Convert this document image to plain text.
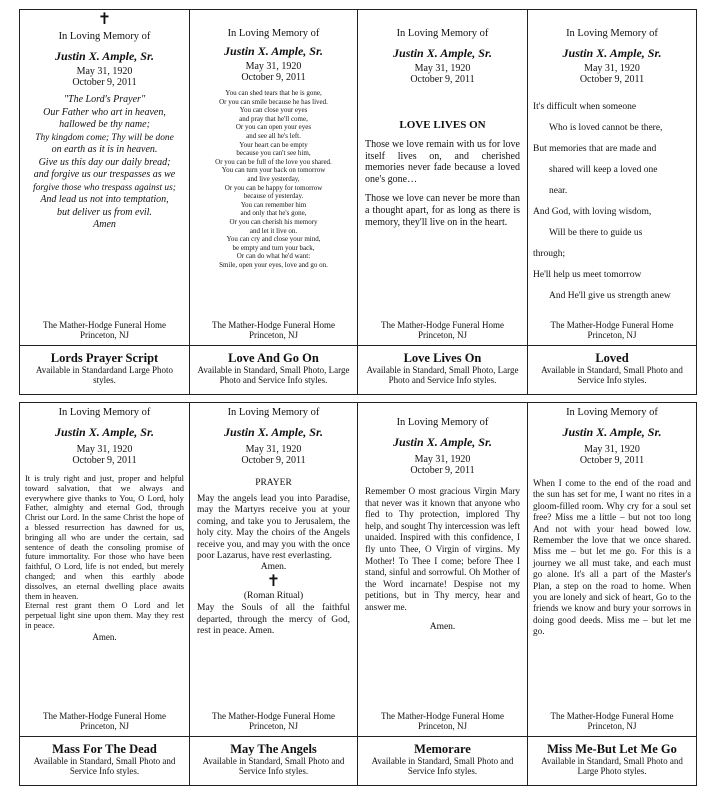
✝
In Loving Memory of
Justin X. Ample, Sr.
May 31, 1920
October 9, 2011
"The Lord's Prayer"
Our Father who art in heaven,
hallowed be thy name;
Thy kingdom come; Thy will be done
on earth as it is in heaven.
Give us this day our daily bread;
and forgive us our trespasses as we
forgive those who trespass against us;
And lead us not into temptation,
but deliver us from evil.
Amen
The Mather-Hodge Funeral Home
Princeton, NJ
Lords Prayer Script
Available in Standardand Large Photo styles.
In Loving Memory of
Justin X. Ample, Sr.
May 31, 1920
October 9, 2011
You can shed tears that he is gone,
Or you can smile because he has lived.
You can close your eyes
and pray that he'll come,
Or you can open your eyes
and see all he's left.
Your heart can be empty
because you can't see him,
Or you can be full of the love you shared.
You can turn your back on tomorrow
and live yesterday,
Or you can be happy for tomorrow
because of yesterday.
You can remember him
and only that he's gone,
Or you can cherish his memory
and let it live on.
You can cry and close your mind,
be empty and turn your back,
Or can do what he'd want:
Smile, open your eyes, love and go on.
The Mather-Hodge Funeral Home
Princeton, NJ
Love And Go On
Available in Standard, Small Photo, Large Photo and Service Info styles.
In Loving Memory of
Justin X. Ample, Sr.
May 31, 1920
October 9, 2011
LOVE LIVES ON
Those we love remain with us for love itself lives on, and cherished memories never fade because a loved one's gone…
Those we love can never be more than a thought apart, for as long as there is memory, they'll live on in the heart.
The Mather-Hodge Funeral Home
Princeton, NJ
Love Lives On
Available in Standard, Small Photo, Large Photo and Service Info styles.
In Loving Memory of
Justin X. Ample, Sr.
May 31, 1920
October 9, 2011
It's difficult when someone
Who is loved cannot be there,
But memories that are made and
shared will keep a loved one
near.
And God, with loving wisdom,
Will be there to guide us
through;
He'll help us meet tomorrow
And He'll give us strength anew
The Mather-Hodge Funeral Home
Princeton, NJ
Loved
Available in Standard, Small Photo and Service Info styles.
In Loving Memory of
Justin X. Ample, Sr.
May 31, 1920
October 9, 2011
It is truly right and just, proper and helpful toward salvation, that we always and everywhere give thanks to You, O Lord, holy Father, almighty and eternal God, through Christ our Lord. In the same Christ the hope of a blessed resurrection has dawned for us, bringing all who are under the certain, sad sentence of death the consoling promise of future immortality. For those who have been faithful, O Lord, life is not ended, but merely changed; and when this earthly abode dissolves, an eternal dwelling place awaits them in heaven.
Eternal rest grant them O Lord and let perpetual light sine upon them. May they rest in peace.
Amen.
The Mather-Hodge Funeral Home
Princeton, NJ
Mass For The Dead
Available in Standard, Small Photo and Service Info styles.
In Loving Memory of
Justin X. Ample, Sr.
May 31, 1920
October 9, 2011
PRAYER
May the angels lead you into Paradise, may the Martyrs receive you at your coming, and take you to Jerusalem, the holy city. May the choirs of the Angels receive you, and may you with the once poor Lazarus, have rest everlasting.
Amen.
✝
(Roman Ritual)
May the Souls of all the faithful departed, through the mercy of God, rest in peace. Amen.
The Mather-Hodge Funeral Home
Princeton, NJ
May The Angels
Available in Standard, Small Photo and Service Info styles.
In Loving Memory of
Justin X. Ample, Sr.
May 31, 1920
October 9, 2011
Remember O most gracious Virgin Mary that never was it known that anyone who fled to Thy protection, implored Thy help, and sought Thy intercession was left unaided. Inspired with this confidence, I fly unto Thee, O Virgin of virgins. My Mother! To Thee I come; before Thee I stand, sinful and sorrowful. Oh Mother of the Word incarnate! Despise not my petitions, but in Thy mercy, hear and answer me.
Amen.
The Mather-Hodge Funeral Home
Princeton, NJ
Memorare
Available in Standard, Small Photo and Service Info styles.
In Loving Memory of
Justin X. Ample, Sr.
May 31, 1920
October 9, 2011
When I come to the end of the road and the sun has set for me, I want no rites in a gloom-filled room. Why cry for a soul set free? Miss me a little – but not too long And not with your head bowed low. Remember the love that we once shared. Miss me – but let me go. For this is a journey we all must take, and each must go alone. It's all a part of the Master's Plan, a step on the road to home. When you are lonely and sick of heart, Go to the friends we know and bury your sorrows in doing good deeds. Miss me – but let me go.
The Mather-Hodge Funeral Home
Princeton, NJ
Miss Me-But Let Me Go
Available in Standard, Small Photo and Large Photo styles.
